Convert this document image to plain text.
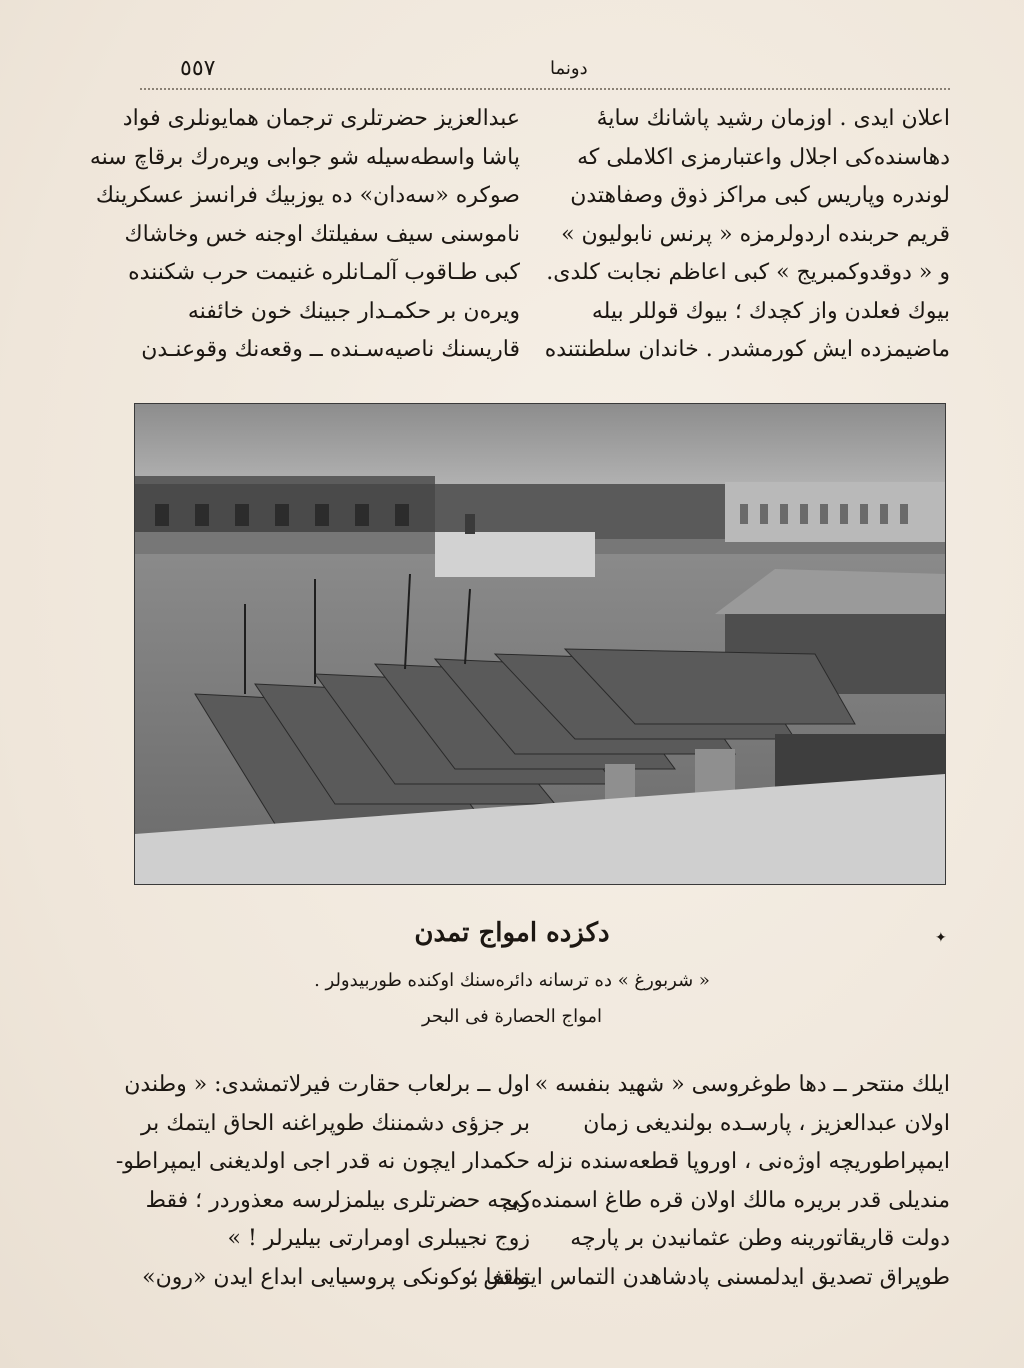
٥٥٧	دونما

اعلان ایدی . اوزمان رشید پاشانك سایهٔ

دهاسنده‌كی اجلال واعتبارمزی اكلاملی كه

لوندره وپاریس كبی مراكز ذوق وصفاهتدن

قریم حربنده اردولرمزه « پرنس نابولیون »

و « دوقدوكمبریج » كبی اعاظم نجابت كلدی.

بیوك فعلدن واز كچدك ؛ بیوك قوللر بیله

ماضیمزده ایش كورمشدر . خاندان سلطنتنده

عبدالعزیز حضرتلری ترجمان همایونلری فواد

پاشا واسطه‌سیله شو جوابی ویره‌رك برقاچ سنه

صوكره «سه‌دان» ده یوزبیك فرانسز عسكرینك

ناموسنی سیف سفیلتك اوجنه خس وخاشاك

كبی طـاقوب آلمـانلره غنیمت حرب شكننده

ویره‌ن بر حكمـدار جبینك خون خائفنه

قاریسنك ناصیه‌سـنده ــ وقعه‌نك وقوعنـدن

دكزده امواج تمدن	✦
« شربورغ » ده ترسانه دائره‌سنك اوكنده طوربیدولر .
امواج الحصارة فی البحر

ایلك منتحر ــ دها طوغروسی « شهید بنفسه »

اولان عبدالعزیز ، پارسـده بولندیغی زمان

ایمپراطوریچه اوژه‌نی ، اوروپا قطعه‌سنده نزله

مندیلی قدر بریره مالك اولان قره طاغ اسمنده‌كی

دولت قاریقاتورینه وطن عثمانیدن بر پارچه

طوپراق تصدیق ایدلمسنی پادشاهدن التماس ایتمش ؛

اول ــ برلعاب حقارت فیرلاتمشدی: « وطندن

بر جزؤی دشمننك طوپراغنه الحاق ایتمك بر

حكمدار ایچون نه قدر اجی اولدیغنی ایمپراطو-

ریچه حضرتلری بیلمزلرسه معذوردر ؛ فقط

زوج نجیبلری اومرارتی بیلیرلر ! »

واقعا بوكونكی پروسیایی ابداع ایدن «رون»
